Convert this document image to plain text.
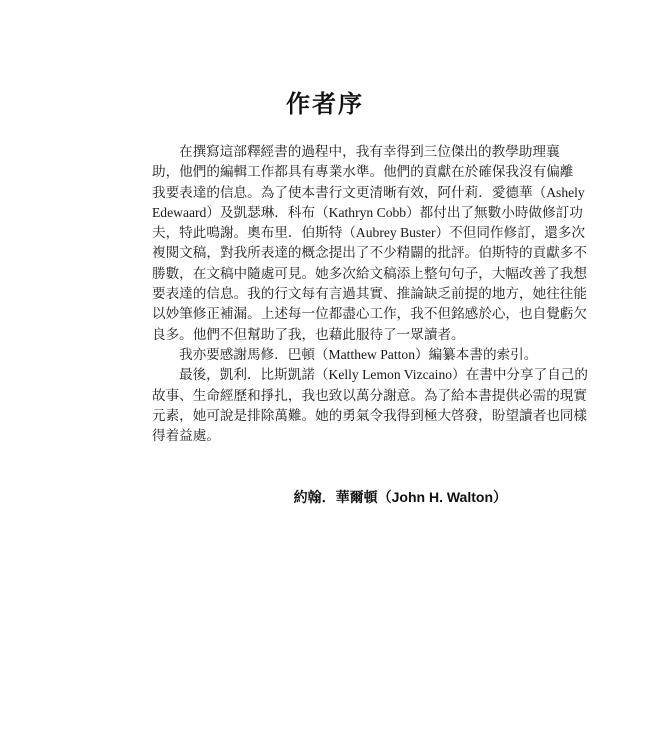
作者序
在撰寫這部釋經書的過程中，我有幸得到三位傑出的教學助理襄
助，他們的編輯工作都具有專業水準。他們的貢獻在於確保我沒有偏離
我要表達的信息。為了使本書行文更清晰有效，阿什莉．愛德華（Ashely
Edewaard）及凱瑟琳．科布（Kathryn Cobb）都付出了無數小時做修訂功
夫，特此鳴謝。奧布里．伯斯特（Aubrey Buster）不但同作修訂，還多次
複閱文稿，對我所表達的概念提出了不少精闢的批評。伯斯特的貢獻多不
勝數，在文稿中隨處可見。她多次給文稿添上整句句子，大幅改善了我想
要表達的信息。我的行文每有言過其實、推論缺乏前提的地方，她往往能
以妙筆修正補漏。上述每一位都盡心工作，我不但銘感於心，也自覺虧欠
良多。他們不但幫助了我，也藉此服待了一眾讀者。
我亦要感謝馬修．巴頓（Matthew Patton）編纂本書的索引。
最後，凱利．比斯凱諾（Kelly Lemon Vizcaino）在書中分享了自己的
故事、生命經歷和掙扎，我也致以萬分謝意。為了給本書提供必需的現實
元素，她可說是排除萬難。她的勇氣令我得到極大啓發，盼望讀者也同樣
得着益處。
約翰．華爾頓（John H. Walton）
